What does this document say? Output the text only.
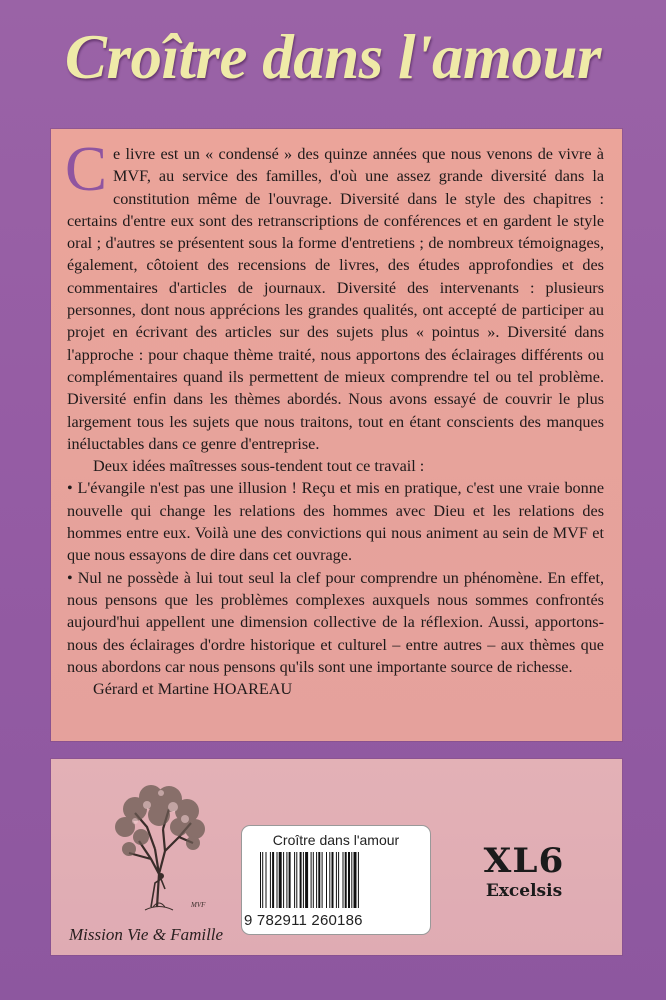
Croître dans l'amour

Ce livre est un « condensé » des quinze années que nous venons de vivre à MVF, au service des familles, d'où une assez grande diversité dans la constitution même de l'ouvrage. Diversité dans le style des chapitres : certains d'entre eux sont des retranscriptions de conférences et en gardent le style oral ; d'autres se présentent sous la forme d'entretiens ; de nombreux témoignages, également, côtoient des recensions de livres, des études approfondies et des commentaires d'articles de journaux. Diversité des intervenants : plusieurs personnes, dont nous apprécions les grandes qualités, ont accepté de participer au projet en écrivant des articles sur des sujets plus « pointus ». Diversité dans l'approche : pour chaque thème traité, nous apportons des éclairages différents ou complémentaires quand ils permettent de mieux comprendre tel ou tel problème. Diversité enfin dans les thèmes abordés. Nous avons essayé de couvrir le plus largement tous les sujets que nous traitons, tout en étant conscients des manques inéluctables dans ce genre d'entreprise.

Deux idées maîtresses sous-tendent tout ce travail :

• L'évangile n'est pas une illusion ! Reçu et mis en pratique, c'est une vraie bonne nouvelle qui change les relations des hommes avec Dieu et les relations des hommes entre eux. Voilà une des convictions qui nous animent au sein de MVF et que nous essayons de dire dans cet ouvrage.

• Nul ne possède à lui tout seul la clef pour comprendre un phénomène. En effet, nous pensons que les problèmes complexes auxquels nous sommes confrontés aujourd'hui appellent une dimension collective de la réflexion. Aussi, apportons-nous des éclairages d'ordre historique et culturel – entre autres – aux thèmes que nous abordons car nous pensons qu'ils sont une importante source de richesse.

Gérard et Martine HOAREAU

MVF
Mission Vie & Famille
Croître dans l'amour
9 782911 260186
XL6
Excelsis
